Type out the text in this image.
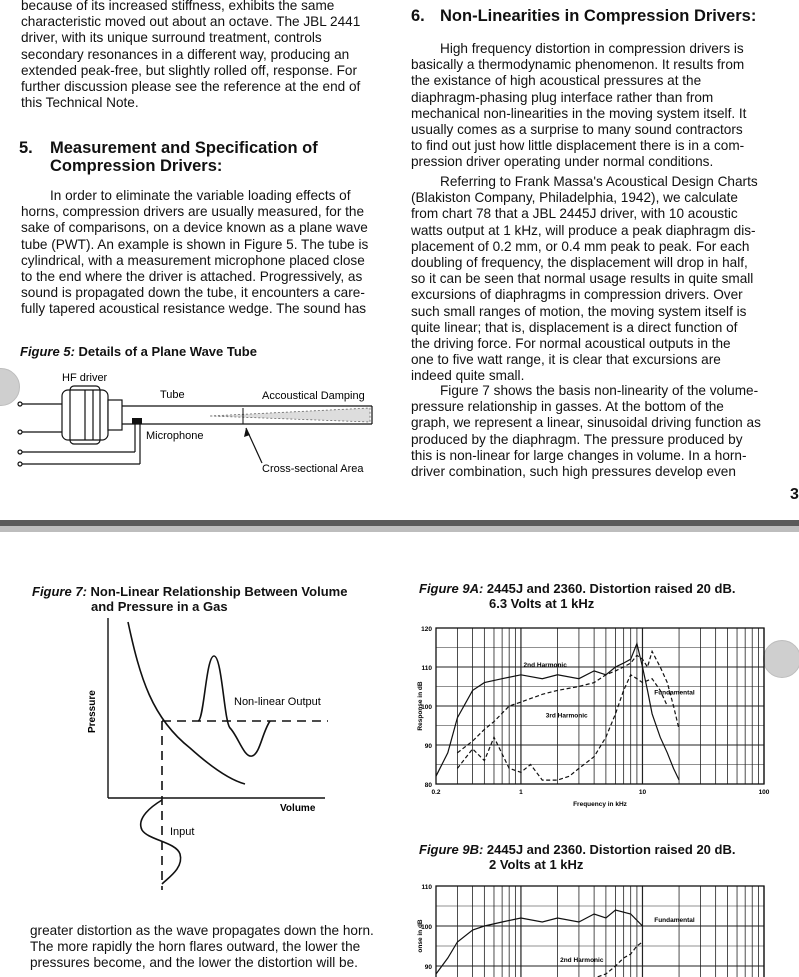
because of its increased stiffness, exhibits the same
characteristic moved out about an octave. The JBL 2441
driver, with its unique surround treatment, controls
secondary resonances in a different way, producing an
extended peak-free, but slightly rolled off, response. For
further discussion please see the reference at the end of
this Technical Note.
5. Measurement and Specification of
Compression Drivers:
In order to eliminate the variable loading effects of
horns, compression drivers are usually measured, for the
sake of comparisons, on a device known as a plane wave
tube (PWT). An example is shown in Figure 5. The tube is
cylindrical, with a measurement microphone placed close
to the end where the driver is attached. Progressively, as
sound is propagated down the tube, it encounters a care-
fully tapered acoustical resistance wedge. The sound has
Figure 5: Details of a Plane Wave Tube
HF driver
Tube	Accoustical Damping
Microphone
Cross-sectional Area
6. Non-Linearities in Compression Drivers:
High frequency distortion in compression drivers is
basically a thermodynamic phenomenon. It results from
the existance of high acoustical pressures at the
diaphragm-phasing plug interface rather than from
mechanical non-linearities in the moving system itself. It
usually comes as a surprise to many sound contractors
to find out just how little displacement there is in a com-
pression driver operating under normal conditions.
Referring to Frank Massa's Acoustical Design Charts
(Blakiston Company, Philadelphia, 1942), we calculate
from chart 78 that a JBL 2445J driver, with 10 acoustic
watts output at 1 kHz, will produce a peak diaphragm dis-
placement of 0.2 mm, or 0.4 mm peak to peak. For each
doubling of frequency, the displacement will drop in half,
so it can be seen that normal usage results in quite small
excursions of diaphragms in compression drivers. Over
such small ranges of motion, the moving system itself is
quite linear; that is, displacement is a direct function of
the driving force. For normal acoustical outputs in the
one to five watt range, it is clear that excursions are
indeed quite small.
Figure 7 shows the basis non-linearity of the volume-
pressure relationship in gasses. At the bottom of the
graph, we represent a linear, sinusoidal driving function as
produced by the diaphragm. The pressure produced by
this is non-linear for large changes in volume. In a horn-
driver combination, such high pressures develop even
3
Figure 7: Non-Linear Relationship Between Volume
and Pressure in a Gas
Pressure
Volume
Non-linear Output
Input
greater distortion as the wave propagates down the horn.
The more rapidly the horn flares outward, the lower the
pressures become, and the lower the distortion will be.
Figure 9A: 2445J and 2360. Distortion raised 20 dB.
6.3 Volts at 1 kHz
80
90
100
110
120
0.2	1	10	100
Frequency in kHz
Response in dB	Fundamental
2nd Harmonic
3rd Harmonic
Figure 9B: 2445J and 2360. Distortion raised 20 dB.
2 Volts at 1 kHz
90
100
110
onse in dB	Fundamental
2nd Harmonic
